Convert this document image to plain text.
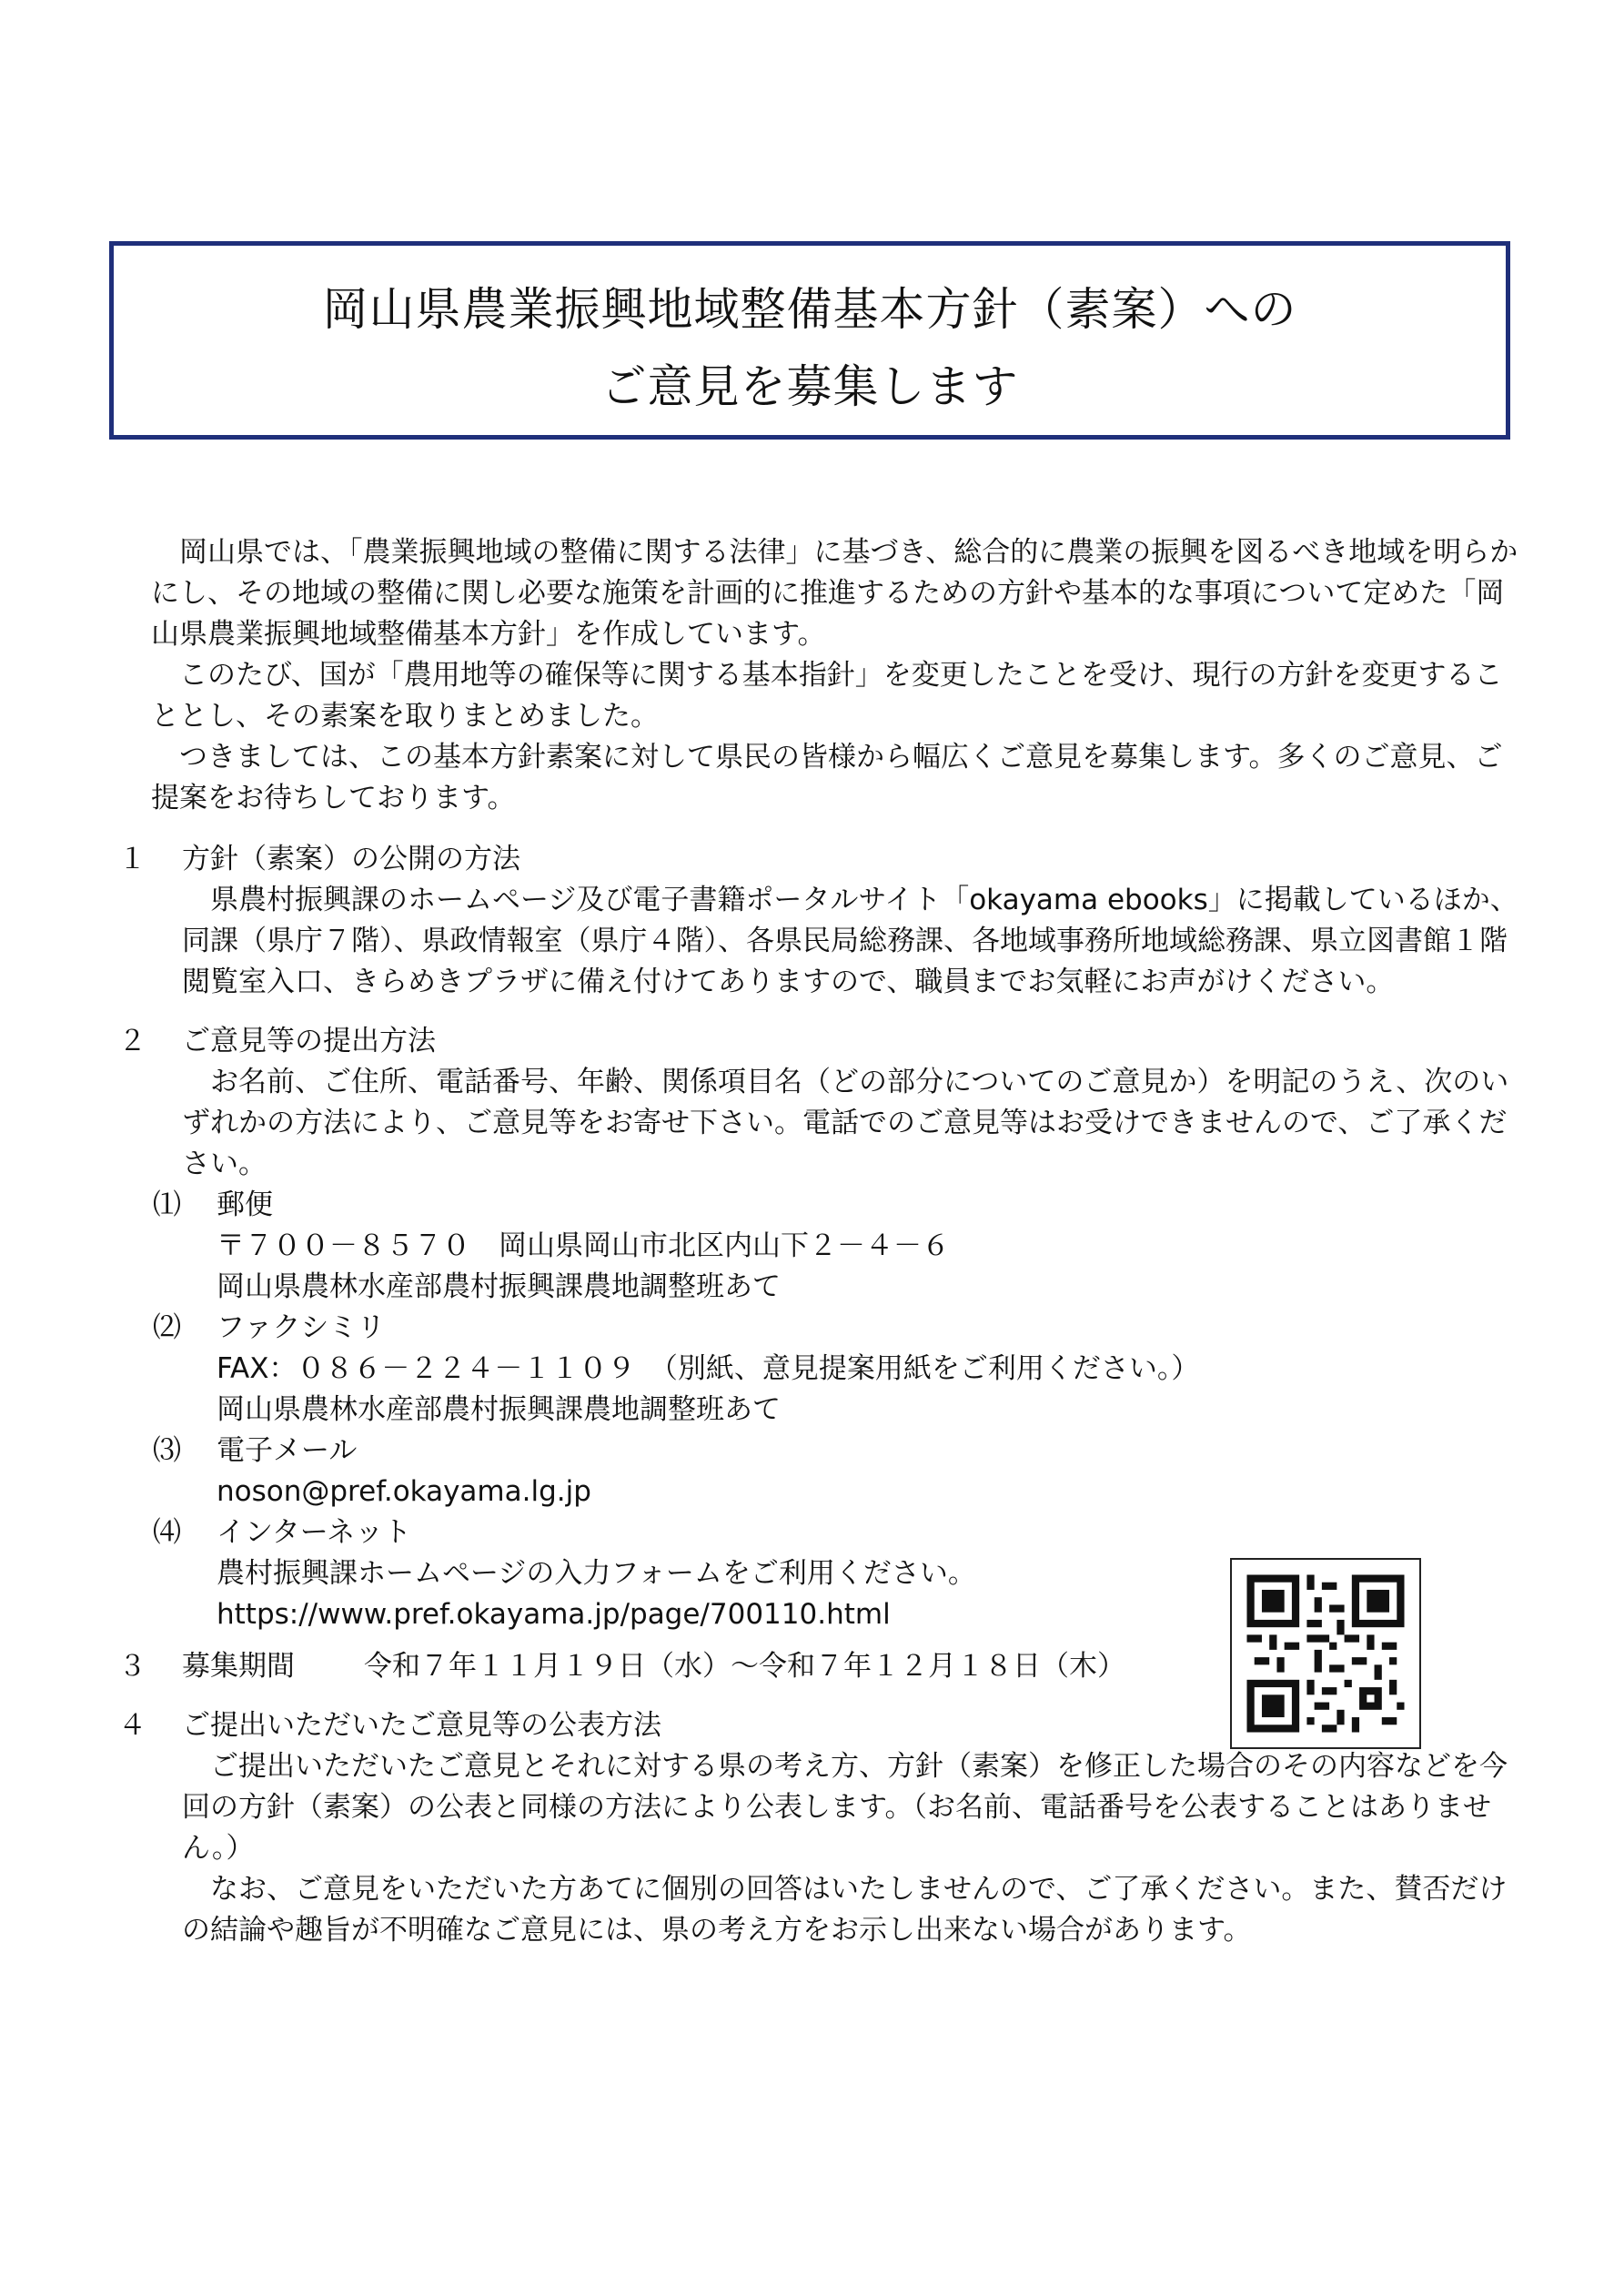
岡山県農業振興地域整備基本方針（素案）への
ご意見を募集します

岡山県では、「農業振興地域の整備に関する法律」に基づき、総合的に農業の振興を図るべき地域を明らかにし、その地域の整備に関し必要な施策を計画的に推進するための方針や基本的な事項について定めた「岡山県農業振興地域整備基本方針」を作成しています。

このたび、国が「農用地等の確保等に関する基本指針」を変更したことを受け、現行の方針を変更することとし、その素案を取りまとめました。

つきましては、この基本方針素案に対して県民の皆様から幅広くご意見を募集します。多くのご意見、ご提案をお待ちしております。

１ 方針（素案）の公開の方法
県農村振興課のホームページ及び電子書籍ポータルサイト「okayama ebooks」に掲載しているほか、同課（県庁７階）、県政情報室（県庁４階）、各県民局総務課、各地域事務所地域総務課、県立図書館１階閲覧室入口、きらめきプラザに備え付けてありますので、職員までお気軽にお声がけください。
２ ご意見等の提出方法
お名前、ご住所、電話番号、年齢、関係項目名（どの部分についてのご意見か）を明記のうえ、次のいずれかの方法により、ご意見等をお寄せ下さい。電話でのご意見等はお受けできませんので、ご了承ください。
⑴ 郵便
〒７００－８５７０　岡山県岡山市北区内山下２－４－６
岡山県農林水産部農村振興課農地調整班あて
⑵ ファクシミリ
FAX：０８６－２２４－１１０９　（別紙、意見提案用紙をご利用ください。）
岡山県農林水産部農村振興課農地調整班あて
⑶ 電子メール
noson@pref.okayama.lg.jp
⑷ インターネット
農村振興課ホームページの入力フォームをご利用ください。
https://www.pref.okayama.jp/page/700110.html
３ 募集期間 令和７年１１月１９日（水）～令和７年１２月１８日（木）
４ ご提出いただいたご意見等の公表方法
ご提出いただいたご意見とそれに対する県の考え方、方針（素案）を修正した場合のその内容などを今回の方針（素案）の公表と同様の方法により公表します。（お名前、電話番号を公表することはありません。）
なお、ご意見をいただいた方あてに個別の回答はいたしませんので、ご了承ください。また、賛否だけの結論や趣旨が不明確なご意見には、県の考え方をお示し出来ない場合があります。
